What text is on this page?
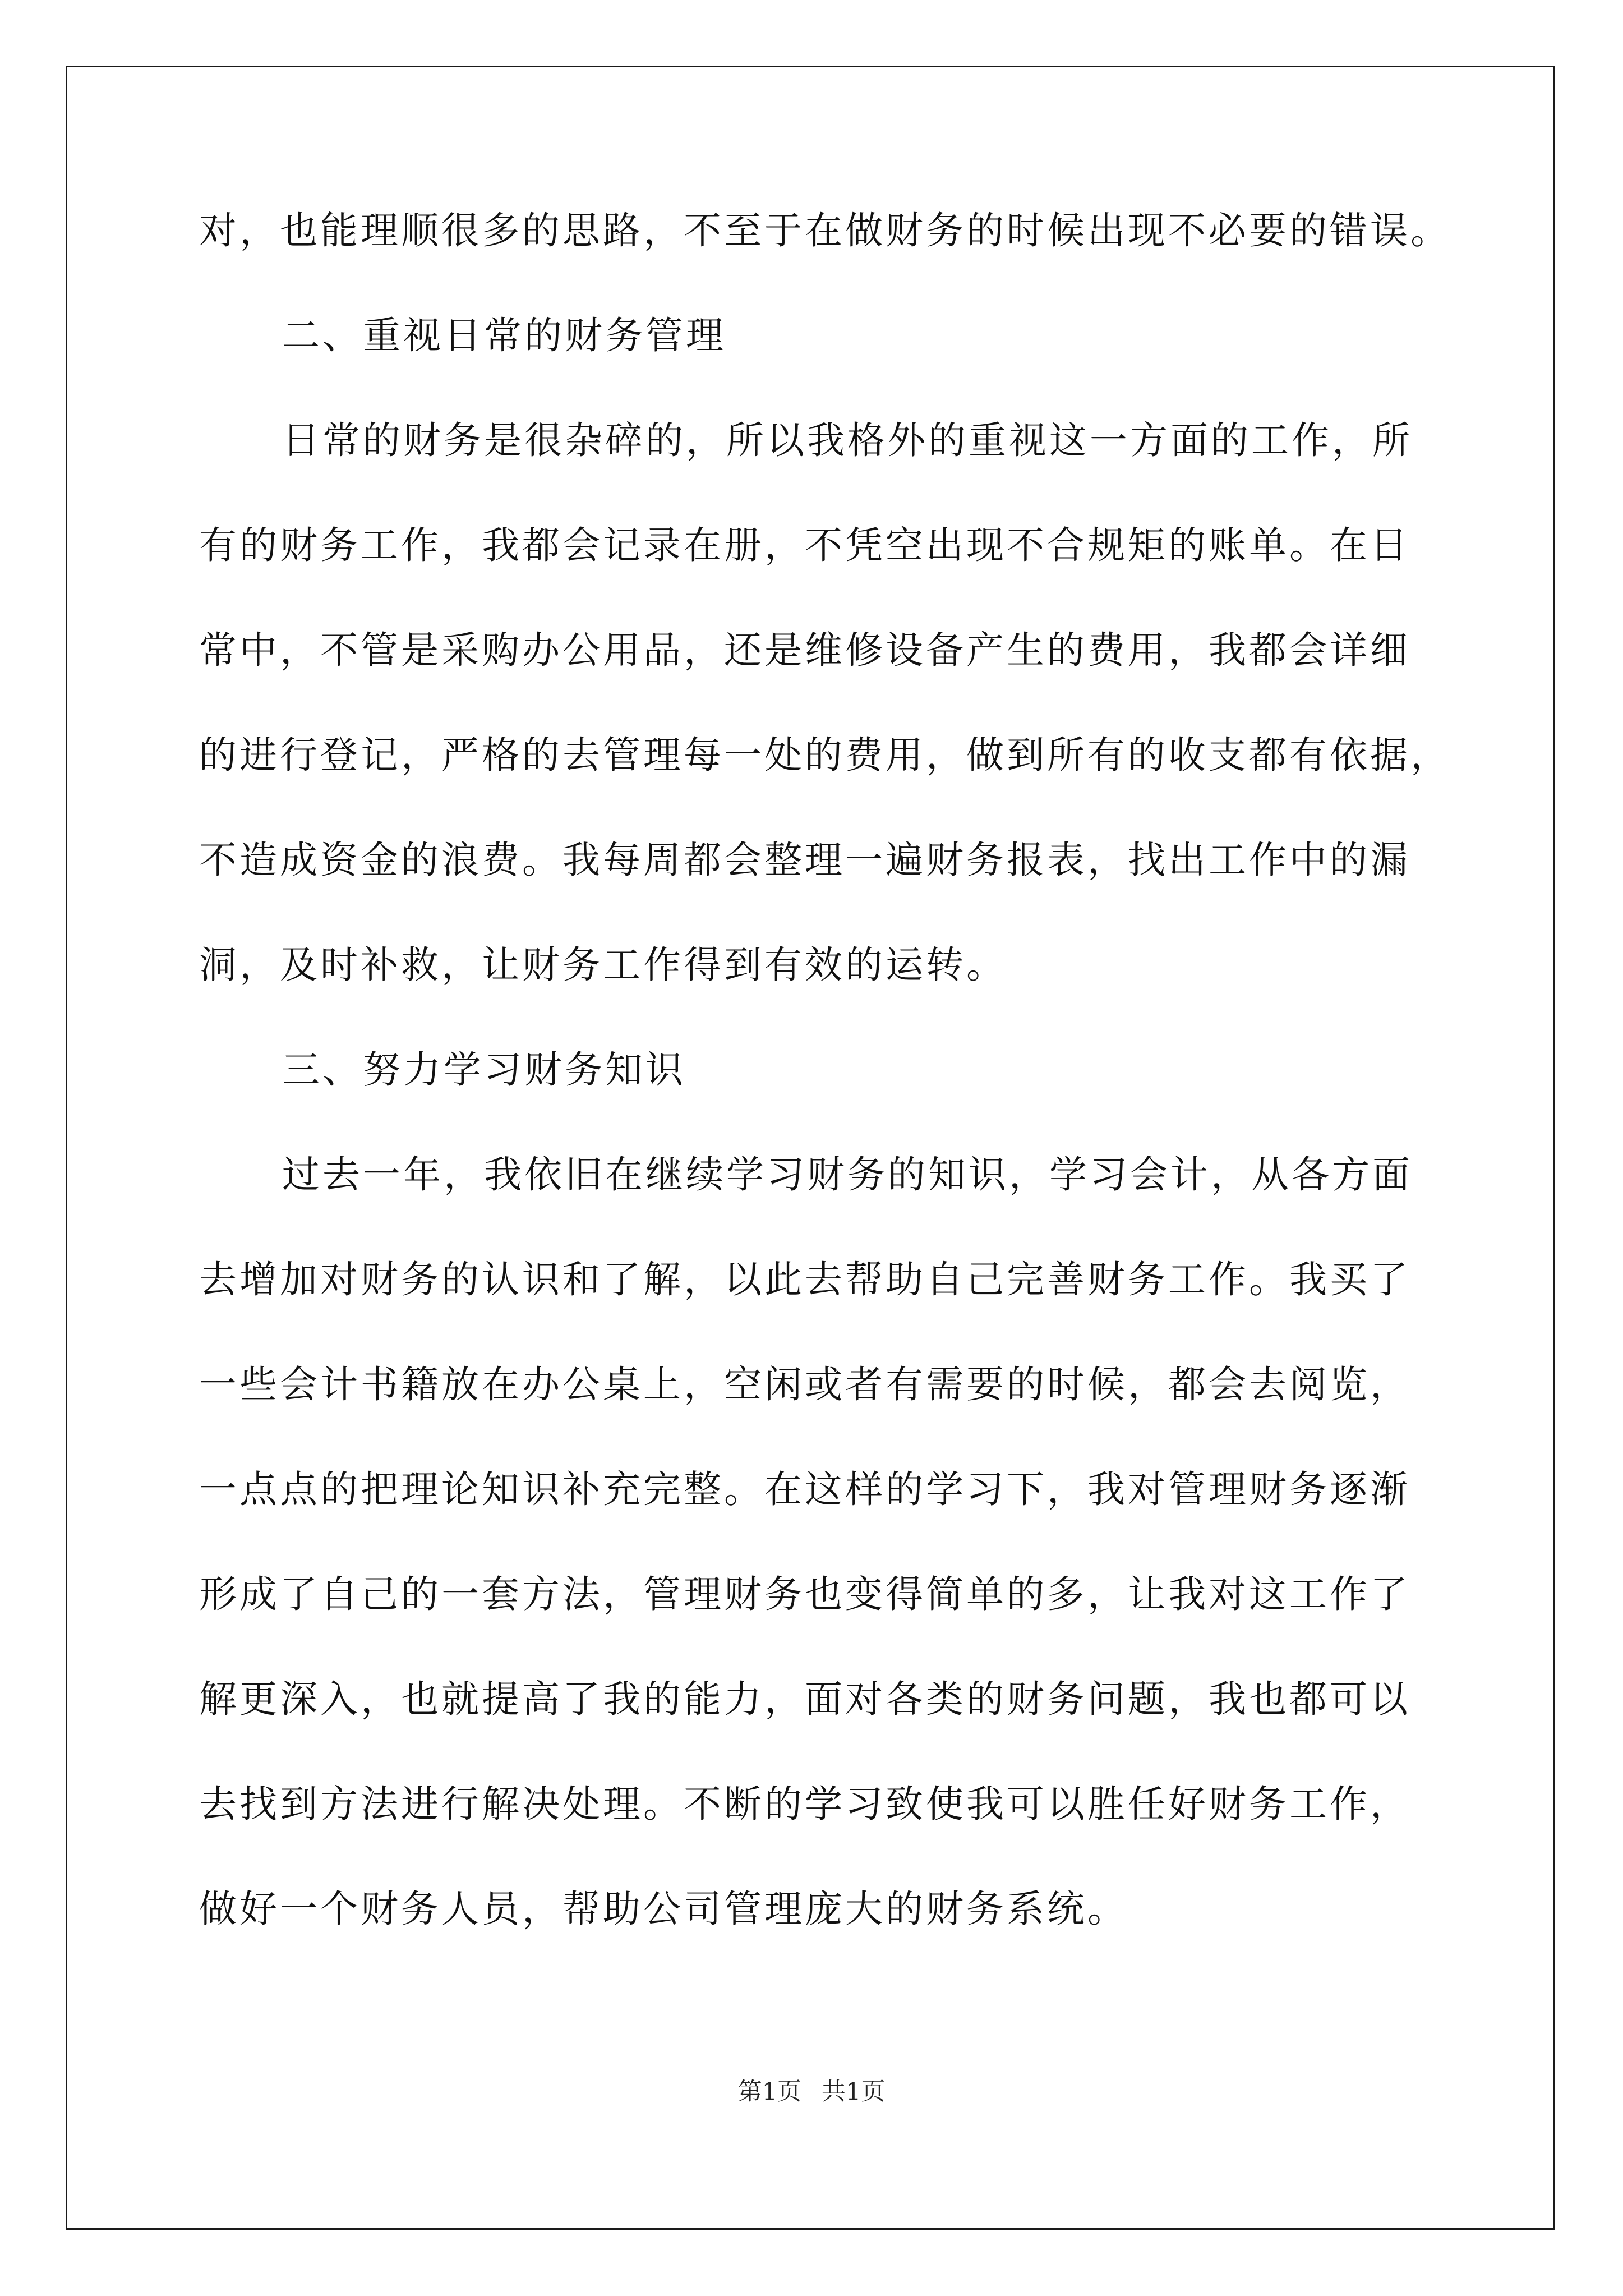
对，也能理顺很多的思路，不至于在做财务的时候出现不必要的错误。
二、重视日常的财务管理
日常的财务是很杂碎的，所以我格外的重视这一方面的工作，所
有的财务工作，我都会记录在册，不凭空出现不合规矩的账单。在日
常中，不管是采购办公用品，还是维修设备产生的费用，我都会详细
的进行登记，严格的去管理每一处的费用，做到所有的收支都有依据，
不造成资金的浪费。我每周都会整理一遍财务报表，找出工作中的漏
洞，及时补救，让财务工作得到有效的运转。
三、努力学习财务知识
过去一年，我依旧在继续学习财务的知识，学习会计，从各方面
去增加对财务的认识和了解，以此去帮助自己完善财务工作。我买了
一些会计书籍放在办公桌上，空闲或者有需要的时候，都会去阅览，
一点点的把理论知识补充完整。在这样的学习下，我对管理财务逐渐
形成了自己的一套方法，管理财务也变得简单的多，让我对这工作了
解更深入，也就提高了我的能力，面对各类的财务问题，我也都可以
去找到方法进行解决处理。不断的学习致使我可以胜任好财务工作，
做好一个财务人员，帮助公司管理庞大的财务系统。
第1页 共1页
